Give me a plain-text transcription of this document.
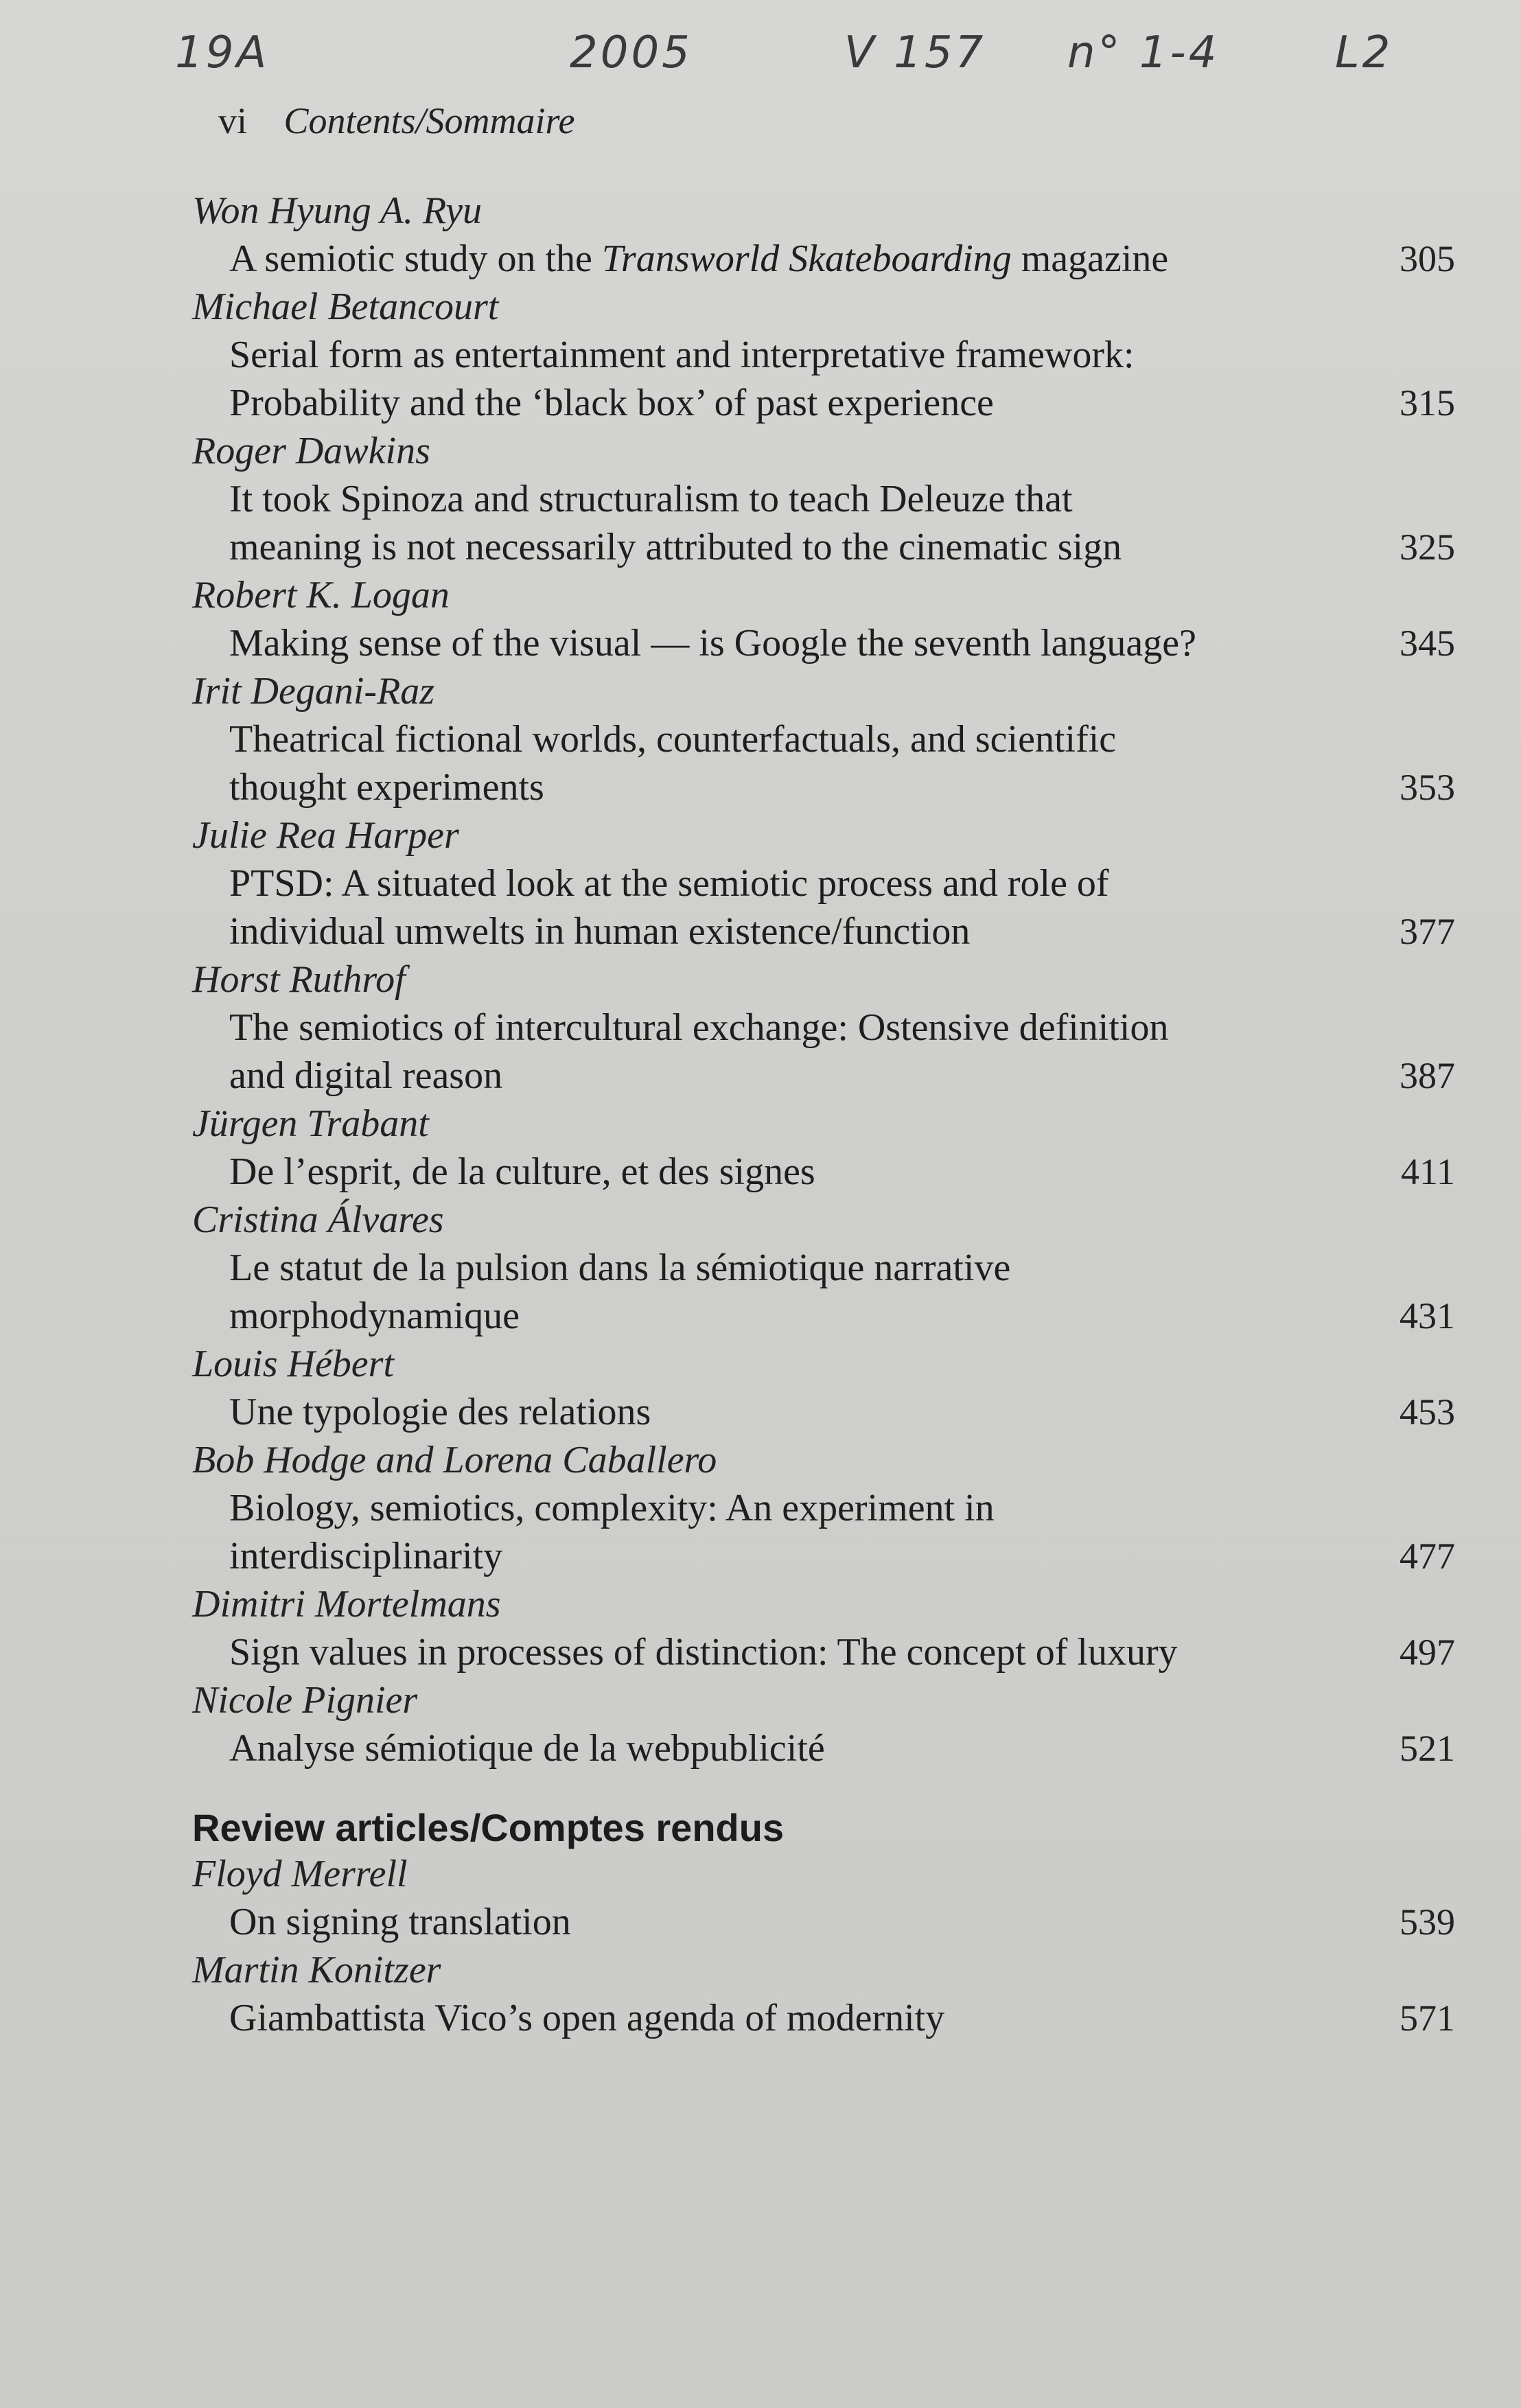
19A	2005	V 157 n° 1-4	L2
vi Contents/Sommaire
Won Hyung A. Ryu
A semiotic study on the Transworld Skateboarding magazine	305
Michael Betancourt
Serial form as entertainment and interpretative framework:
Probability and the ‘black box’ of past experience	315
Roger Dawkins
It took Spinoza and structuralism to teach Deleuze that
meaning is not necessarily attributed to the cinematic sign	325
Robert K. Logan
Making sense of the visual — is Google the seventh language?	345
Irit Degani-Raz
Theatrical fictional worlds, counterfactuals, and scientific
thought experiments	353
Julie Rea Harper
PTSD: A situated look at the semiotic process and role of
individual umwelts in human existence/function	377
Horst Ruthrof
The semiotics of intercultural exchange: Ostensive definition
and digital reason	387
Jürgen Trabant
De l’esprit, de la culture, et des signes	411
Cristina Álvares
Le statut de la pulsion dans la sémiotique narrative
morphodynamique	431
Louis Hébert
Une typologie des relations	453
Bob Hodge and Lorena Caballero
Biology, semiotics, complexity: An experiment in
interdisciplinarity	477
Dimitri Mortelmans
Sign values in processes of distinction: The concept of luxury	497
Nicole Pignier
Analyse sémiotique de la webpublicité	521
Review articles/Comptes rendus
Floyd Merrell
On signing translation	539
Martin Konitzer
Giambattista Vico’s open agenda of modernity	571
